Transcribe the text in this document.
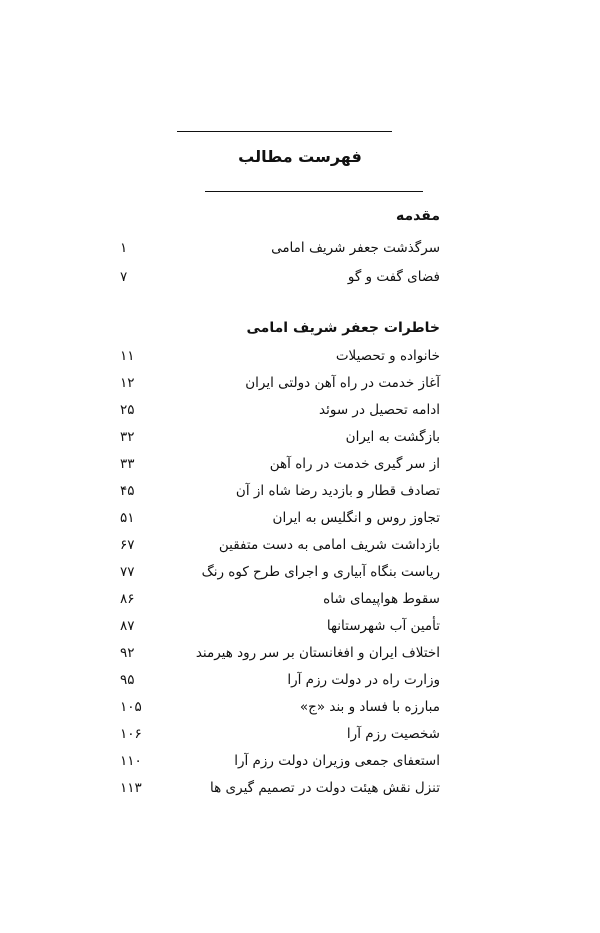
فهرست مطالب
مقدمه
سرگذشت جعفر شریف امامی
۱
فضای گفت و گو
۷
خاطرات جعفر شریف امامی
خانواده و تحصیلات
۱۱
آغاز خدمت در راه آهن دولتی ایران
۱۲
ادامه تحصیل در سوئد
۲۵
بازگشت به ایران
۳۲
از سر گیری خدمت در راه آهن
۳۳
تصادف قطار و بازدید رضا شاه از آن
۴۵
تجاوز روس و انگلیس به ایران
۵۱
بازداشت شریف امامی به دست متفقین
۶۷
ریاست بنگاه آبیاری و اجرای طرح کوه رنگ
۷۷
سقوط هواپیمای شاه
۸۶
تأمین آب شهرستانها
۸۷
اختلاف ایران و افغانستان بر سر رود هیرمند
۹۲
وزارت راه در دولت رزم آرا
۹۵
مبارزه با فساد و بند «ج»
۱۰۵
شخصیت رزم آرا
۱۰۶
استعفای جمعی وزیران دولت رزم آرا
۱۱۰
تنزل نقش هیئت دولت در تصمیم گیری ها
۱۱۳
